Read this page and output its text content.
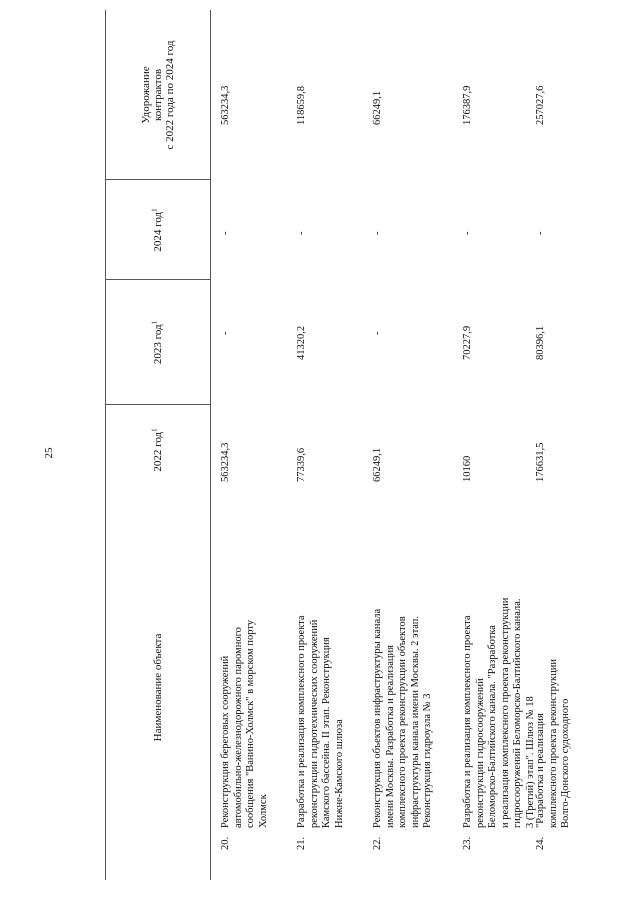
25
Наименование объекта
2022 год$^1$
2023 год$^1$
2024 год$^1$
Удорожание контрактов с 2022 года по 2024 год
20.
Реконструкция береговых сооружений автомобильно-железнодорожного паромного сообщения "Ванино-Холмск" в морском порту Холмск
563234,3
-
-
563234,3
21.
Разработка и реализация комплексного проекта реконструкции гидротехнических сооружений Камского бассейна. II этап. Реконструкция Нижне-Камского шлюза
77339,6
41320,2
-
118659,8
22.
Реконструкция объектов инфраструктуры канала имени Москвы. Разработка и реализация комплексного проекта реконструкции объектов инфраструктуры канала имени Москвы. 2 этап. Реконструкция гидроузла № 3
66249,1
-
-
66249,1
23.
Разработка и реализация комплексного проекта реконструкции гидросооружений Беломорско-Балтийского канала. "Разработка и реализация комплексного проекта реконструкции гидросооружений Беломорско-Балтийского канала. 3 (Третий) этап". Шлюз № 18
10160
70227,9
-
176387,9
24.
"Разработка и реализация комплексного проекта реконструкции Волго-Донского судоходного
176631,5
80396,1
-
257027,6
